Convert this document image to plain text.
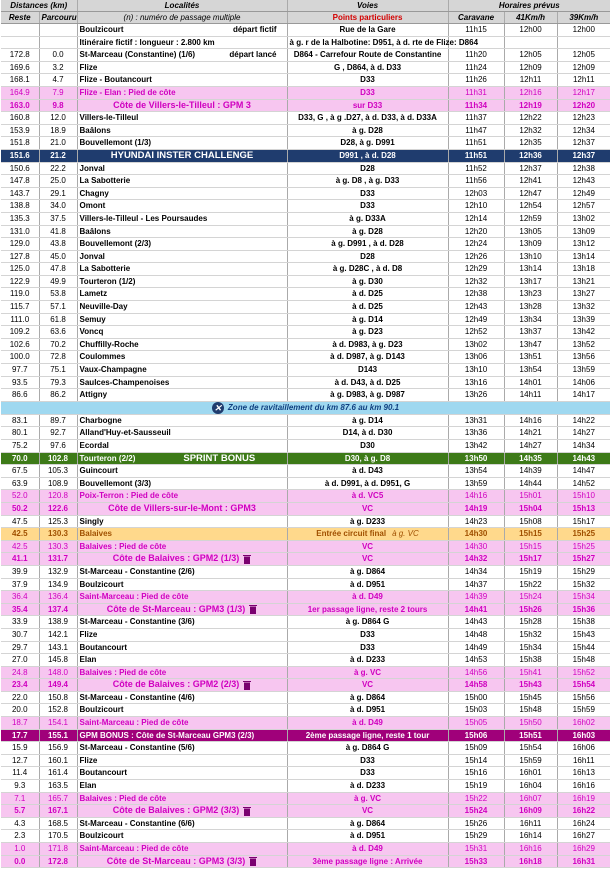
Distances (km)		Localités	Voies	Horaires prévus		
Reste	Parcouru	(n) : numéro de passage multiple	Points particuliers	Caravane	41Km/h	39Km/h
		Boulzicourt départ fictif	Rue de la Gare	11h15	12h00	12h00
		Itinéraire fictif : longueur : 2.800 km	à g. r de la Halbotine: D951, à d. rte de Flize: D864			
172.8	0.0	St-Marceau (Constantine) (1/6) départ lancé	D864 - Carrefour Route de Constantine	11h20	12h05	12h05
169.6	3.2	Flize	G , D864, à d. D33	11h24	12h09	12h09
168.1	4.7	Flize - Boutancourt	D33	11h26	12h11	12h11
164.9	7.9	Flize - Elan : Pied de côte	D33	11h31	12h16	12h17
163.0	9.8	Côte de Villers-le-Tilleul : GPM 3	sur D33	11h34	12h19	12h20
160.8	12.0	Villers-le-Tilleul	D33, G , à g .D27, à d. D33, à d. D33A	11h37	12h22	12h23
153.9	18.9	Baâlons	à g. D28	11h47	12h32	12h34
151.8	21.0	Bouvellemont (1/3)	D28, à g. D991	11h51	12h35	12h37
151.6	21.2	HYUNDAI INSTER CHALLENGE	D991 , à d. D28	11h51	12h36	12h37
150.6	22.2	Jonval	D28	11h52	12h37	12h38
147.8	25.0	La Sabotterie	à g. D8 , à g. D33	11h56	12h41	12h43
143.7	29.1	Chagny	D33	12h03	12h47	12h49
138.8	34.0	Omont	D33	12h10	12h54	12h57
135.3	37.5	Villers-le-Tilleul - Les Poursaudes	à g. D33A	12h14	12h59	13h02
131.0	41.8	Baâlons	à g. D28	12h20	13h05	13h09
129.0	43.8	Bouvellemont (2/3)	à g. D991 , à d. D28	12h24	13h09	13h12
127.8	45.0	Jonval	D28	12h26	13h10	13h14
125.0	47.8	La Sabotterie	à g. D28C , à d. D8	12h29	13h14	13h18
122.9	49.9	Tourteron (1/2)	à g. D30	12h32	13h17	13h21
119.0	53.8	Lametz	à d. D25	12h38	13h23	13h27
115.7	57.1	Neuville-Day	à d. D25	12h43	13h28	13h32
111.0	61.8	Semuy	à g. D14	12h49	13h34	13h39
109.2	63.6	Voncq	à g. D23	12h52	13h37	13h42
102.6	70.2	Chuffilly-Roche	à d. D983, à g. D23	13h02	13h47	13h52
100.0	72.8	Coulommes	à d. D987, à g. D143	13h06	13h51	13h56
97.7	75.1	Vaux-Champagne	D143	13h10	13h54	13h59
93.5	79.3	Saulces-Champenoises	à d. D43, à d. D25	13h16	14h01	14h06
86.6	86.2	Attigny	à g. D983, à g. D987	13h26	14h11	14h17
✕ Zone de ravitaillement du km 87.6 au km 90.1						
83.1	89.7	Charbogne	à g. D14	13h31	14h16	14h22
80.1	92.7	Alland'Huy-et-Sausseuil	D14, à d. D30	13h36	14h21	14h27
75.2	97.6	Ecordal	D30	13h42	14h27	14h34
70.0	102.8	Tourteron (2/2) SPRINT BONUS	D30, à g. D8	13h50	14h35	14h43
67.5	105.3	Guincourt	à d. D43	13h54	14h39	14h47
63.9	108.9	Bouvellemont (3/3)	à d. D991, à d. D951, G	13h59	14h44	14h52
52.0	120.8	Poix-Terron : Pied de côte	à d. VC5	14h16	15h01	15h10
50.2	122.6	Côte de Villers-sur-le-Mont : GPM3	VC	14h19	15h04	15h13
47.5	125.3	Singly	à g. D233	14h23	15h08	15h17
42.5	130.3	Balaives	Entrée circuit final à g. VC	14h30	15h15	15h25
42.5	130.3	Balaives : Pied de côte	VC	14h30	15h15	15h25
41.1	131.7	Côte de Balaives : GPM2 (1/3)	VC	14h32	15h17	15h27
39.9	132.9	St-Marceau - Constantine (2/6)	à g. D864	14h34	15h19	15h29
37.9	134.9	Boulzicourt	à d. D951	14h37	15h22	15h32
36.4	136.4	Saint-Marceau : Pied de côte	à d. D49	14h39	15h24	15h34
35.4	137.4	Côte de St-Marceau : GPM3 (1/3)	1er passage ligne, reste 2 tours	14h41	15h26	15h36
33.9	138.9	St-Marceau - Constantine (3/6)	à g. D864 G	14h43	15h28	15h38
30.7	142.1	Flize	D33	14h48	15h32	15h43
29.7	143.1	Boutancourt	D33	14h49	15h34	15h44
27.0	145.8	Elan	à d. D233	14h53	15h38	15h48
24.8	148.0	Balaives : Pied de côte	à g. VC	14h56	15h41	15h52
23.4	149.4	Côte de Balaives : GPM2 (2/3)	VC	14h58	15h43	15h54
22.0	150.8	St-Marceau - Constantine (4/6)	à g. D864	15h00	15h45	15h56
20.0	152.8	Boulzicourt	à d. D951	15h03	15h48	15h59
18.7	154.1	Saint-Marceau : Pied de côte	à d. D49	15h05	15h50	16h02
17.7	155.1	GPM BONUS : Côte de St-Marceau GPM3 (2/3)	2ème passage ligne, reste 1 tour	15h06	15h51	16h03
15.9	156.9	St-Marceau - Constantine (5/6)	à g. D864 G	15h09	15h54	16h06
12.7	160.1	Flize	D33	15h14	15h59	16h11
11.4	161.4	Boutancourt	D33	15h16	16h01	16h13
9.3	163.5	Elan	à d. D233	15h19	16h04	16h16
7.1	165.7	Balaives : Pied de côte	à g. VC	15h22	16h07	16h19
5.7	167.1	Côte de Balaives : GPM2 (3/3)	VC	15h24	16h09	16h22
4.3	168.5	St-Marceau - Constantine (6/6)	à g. D864	15h26	16h11	16h24
2.3	170.5	Boulzicourt	à d. D951	15h29	16h14	16h27
1.0	171.8	Saint-Marceau : Pied de côte	à d. D49	15h31	16h16	16h29
0.0	172.8	Côte de St-Marceau : GPM3 (3/3)	3ème passage ligne : Arrivée	15h33	16h18	16h31
